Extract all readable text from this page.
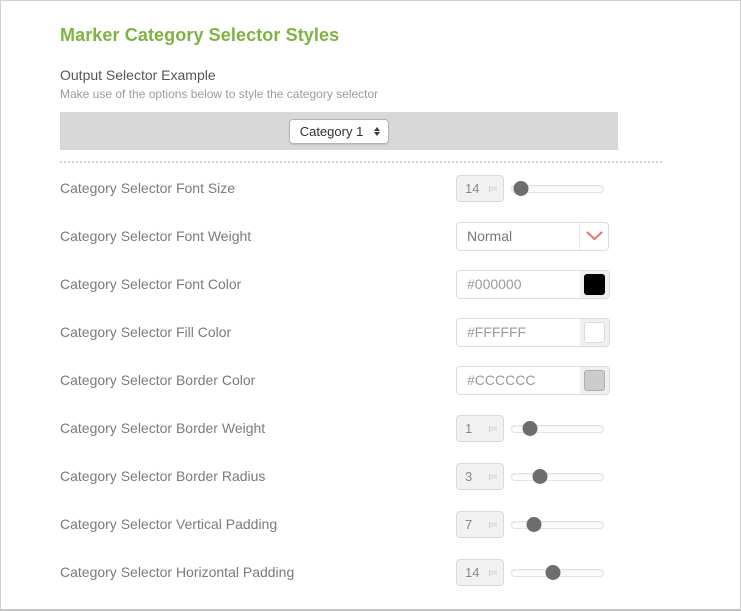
Marker Category Selector Styles
Output Selector Example
Make use of the options below to style the category selector
Category 1
Category Selector Font Size	14 px
Category Selector Font Weight	Normal
Category Selector Font Color	#000000
Category Selector Fill Color	#FFFFFF
Category Selector Border Color	#CCCCCC
Category Selector Border Weight	1 px
Category Selector Border Radius	3 px
Category Selector Vertical Padding	7 px
Category Selector Horizontal Padding	14 px
